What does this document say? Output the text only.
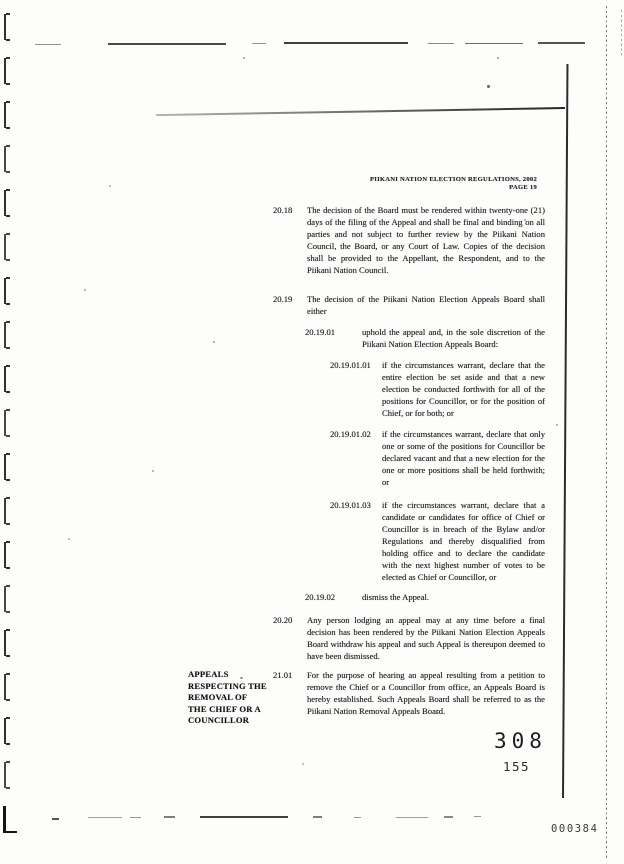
PIIKANI NATION ELECTION REGULATIONS, 2002
PAGE 19
20.18	The decision of the Board must be rendered within twenty-one (21) days of the filing of the Appeal and shall be final and binding on all parties and not subject to further review by the Piikani Nation Council, the Board, or any Court of Law. Copies of the decision shall be provided to the Appellant, the Respondent, and to the Piikani Nation Council.
20.19	The decision of the Piikani Nation Election Appeals Board shall either
20.19.01	uphold the appeal and, in the sole discretion of the Piikani Nation Election Appeals Board:
20.19.01.01	if the circumstances warrant, declare that the entire election be set aside and that a new election be conducted forthwith for all of the positions for Councillor, or for the position of Chief, or for both; or
20.19.01.02	if the circumstances warrant, declare that only one or some of the positions for Councillor be declared vacant and that a new election for the one or more positions shall be held forthwith; or
20.19.01.03	if the circumstances warrant, declare that a candidate or candidates for office of Chief or Councillor is in breach of the Bylaw and/or Regulations and thereby disqualified from holding office and to declare the candidate with the next highest number of votes to be elected as Chief or Councillor, or
20.19.02	dismiss the Appeal.
20.20	Any person lodging an appeal may at any time before a final decision has been rendered by the Piikani Nation Election Appeals Board withdraw his appeal and such Appeal is thereupon deemed to have been dismissed.
APPEALS
RESPECTING THE
REMOVAL OF
THE CHIEF OR A
COUNCILLOR
21.01	For the purpose of hearing an appeal resulting from a petition to remove the Chief or a Councillor from office, an Appeals Board is hereby established. Such Appeals Board shall be referred to as the Piikani Nation Removal Appeals Board.
308
155
000384
